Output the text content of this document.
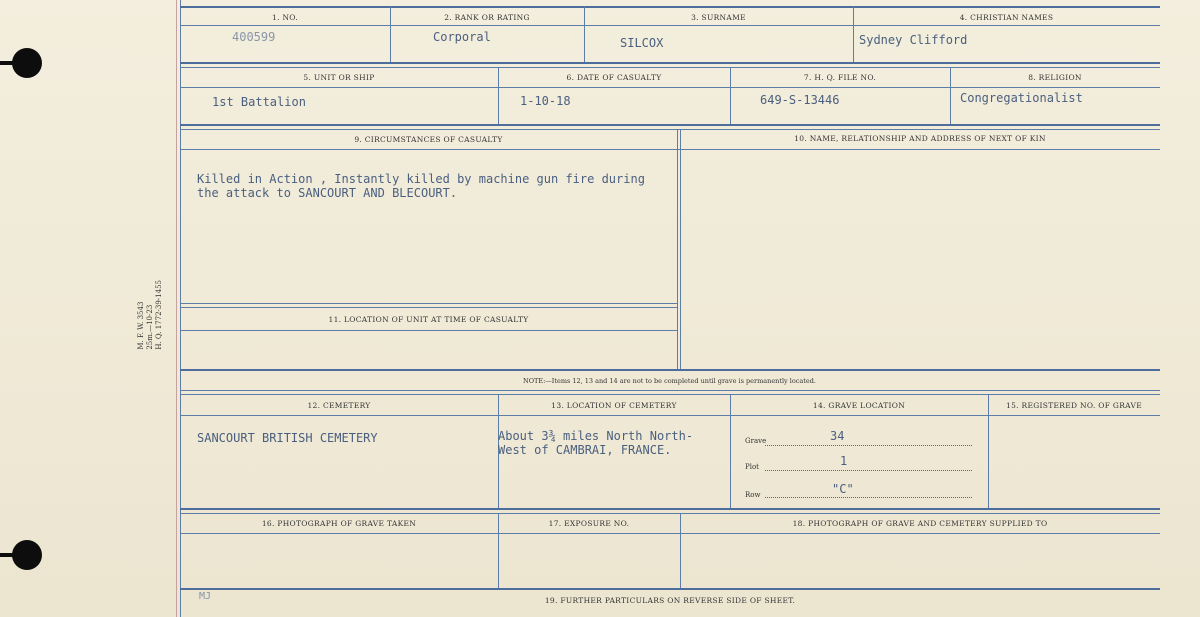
M. F. W. 3543
25m.—10-23
H. Q. 1772-39-1455
1. NO.	2. RANK OR RATING	3. SURNAME	4. CHRISTIAN NAMES
400599	Corporal	SILCOX	Sydney Clifford
5. UNIT OR SHIP	6. DATE OF CASUALTY	7. H. Q. FILE NO.	8. RELIGION
1st Battalion	1-10-18	649-S-13446	Congregationalist
9. CIRCUMSTANCES OF CASUALTY	10. NAME, RELATIONSHIP AND ADDRESS OF NEXT OF KIN
Killed in Action , Instantly killed by machine gun fire during
the attack to SANCOURT AND BLECOURT.
11. LOCATION OF UNIT AT TIME OF CASUALTY
NOTE:—Items 12, 13 and 14 are not to be completed until grave is permanently located.
12. CEMETERY	13. LOCATION OF CEMETERY	14. GRAVE LOCATION	15. REGISTERED NO. OF GRAVE
SANCOURT BRITISH CEMETERY	About 3¾ miles North North-
West of CAMBRAI, FRANCE.
Grave	34
Plot	1
Row	"C"
16. PHOTOGRAPH OF GRAVE TAKEN	17. EXPOSURE NO.	18. PHOTOGRAPH OF GRAVE AND CEMETERY SUPPLIED TO
MJ	19. FURTHER PARTICULARS ON REVERSE SIDE OF SHEET.
